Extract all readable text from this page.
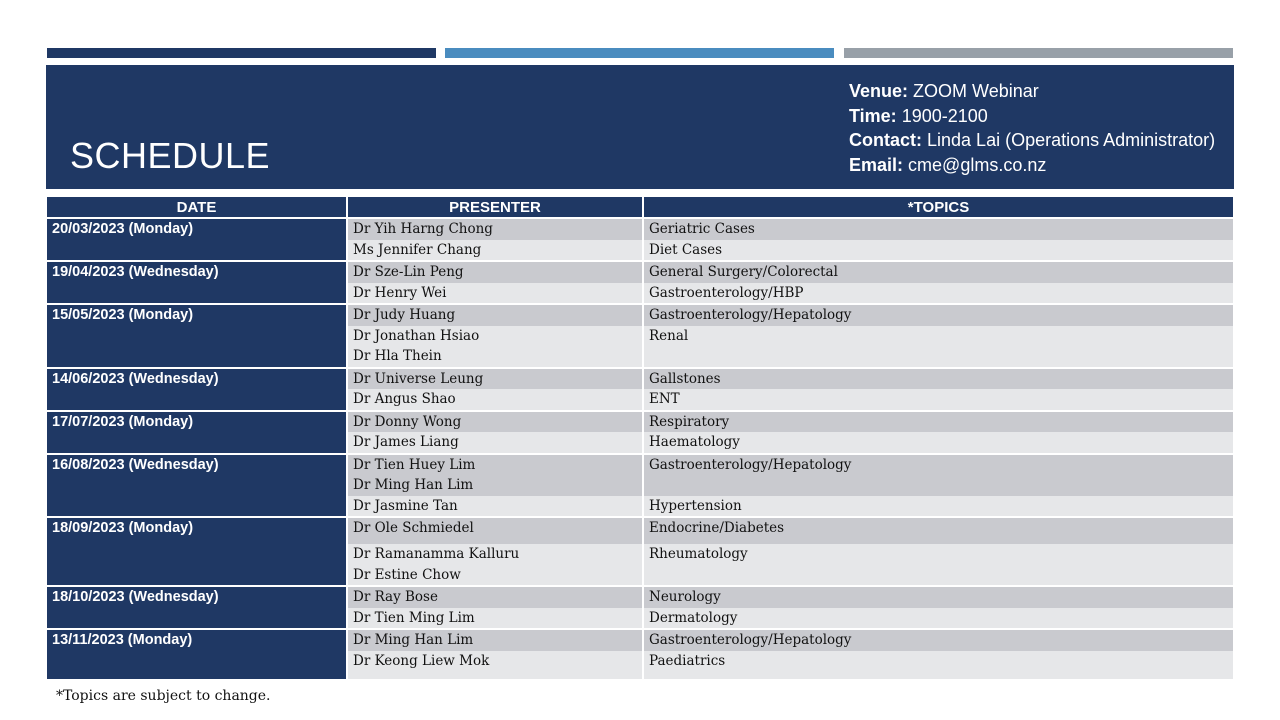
SCHEDULE
Venue: ZOOM Webinar
Time: 1900-2100
Contact: Linda Lai (Operations Administrator)
Email: cme@glms.co.nz
DATE	PRESENTER	*TOPICS
20/03/2023 (Monday)	Dr Yih Harng Chong	Geriatric Cases
	Ms Jennifer Chang	Diet Cases
19/04/2023 (Wednesday)	Dr Sze-Lin Peng	General Surgery/Colorectal
	Dr Henry Wei	Gastroenterology/HBP
15/05/2023 (Monday)	Dr Judy Huang	Gastroenterology/Hepatology
	Dr Jonathan Hsiao	Renal
	Dr Hla Thein	
14/06/2023 (Wednesday)	Dr Universe Leung	Gallstones
	Dr Angus Shao	ENT
17/07/2023 (Monday)	Dr Donny Wong	Respiratory
	Dr James Liang	Haematology
16/08/2023 (Wednesday)	Dr Tien Huey Lim	Gastroenterology/Hepatology
	Dr Ming Han Lim	
	Dr Jasmine Tan	Hypertension
18/09/2023 (Monday)	Dr Ole Schmiedel	Endocrine/Diabetes
	Dr Ramanamma Kalluru	Rheumatology
	Dr Estine Chow	
18/10/2023 (Wednesday)	Dr Ray Bose	Neurology
	Dr Tien Ming Lim	Dermatology
13/11/2023 (Monday)	Dr Ming Han Lim	Gastroenterology/Hepatology
	Dr Keong Liew Mok	Paediatrics
*Topics are subject to change.
